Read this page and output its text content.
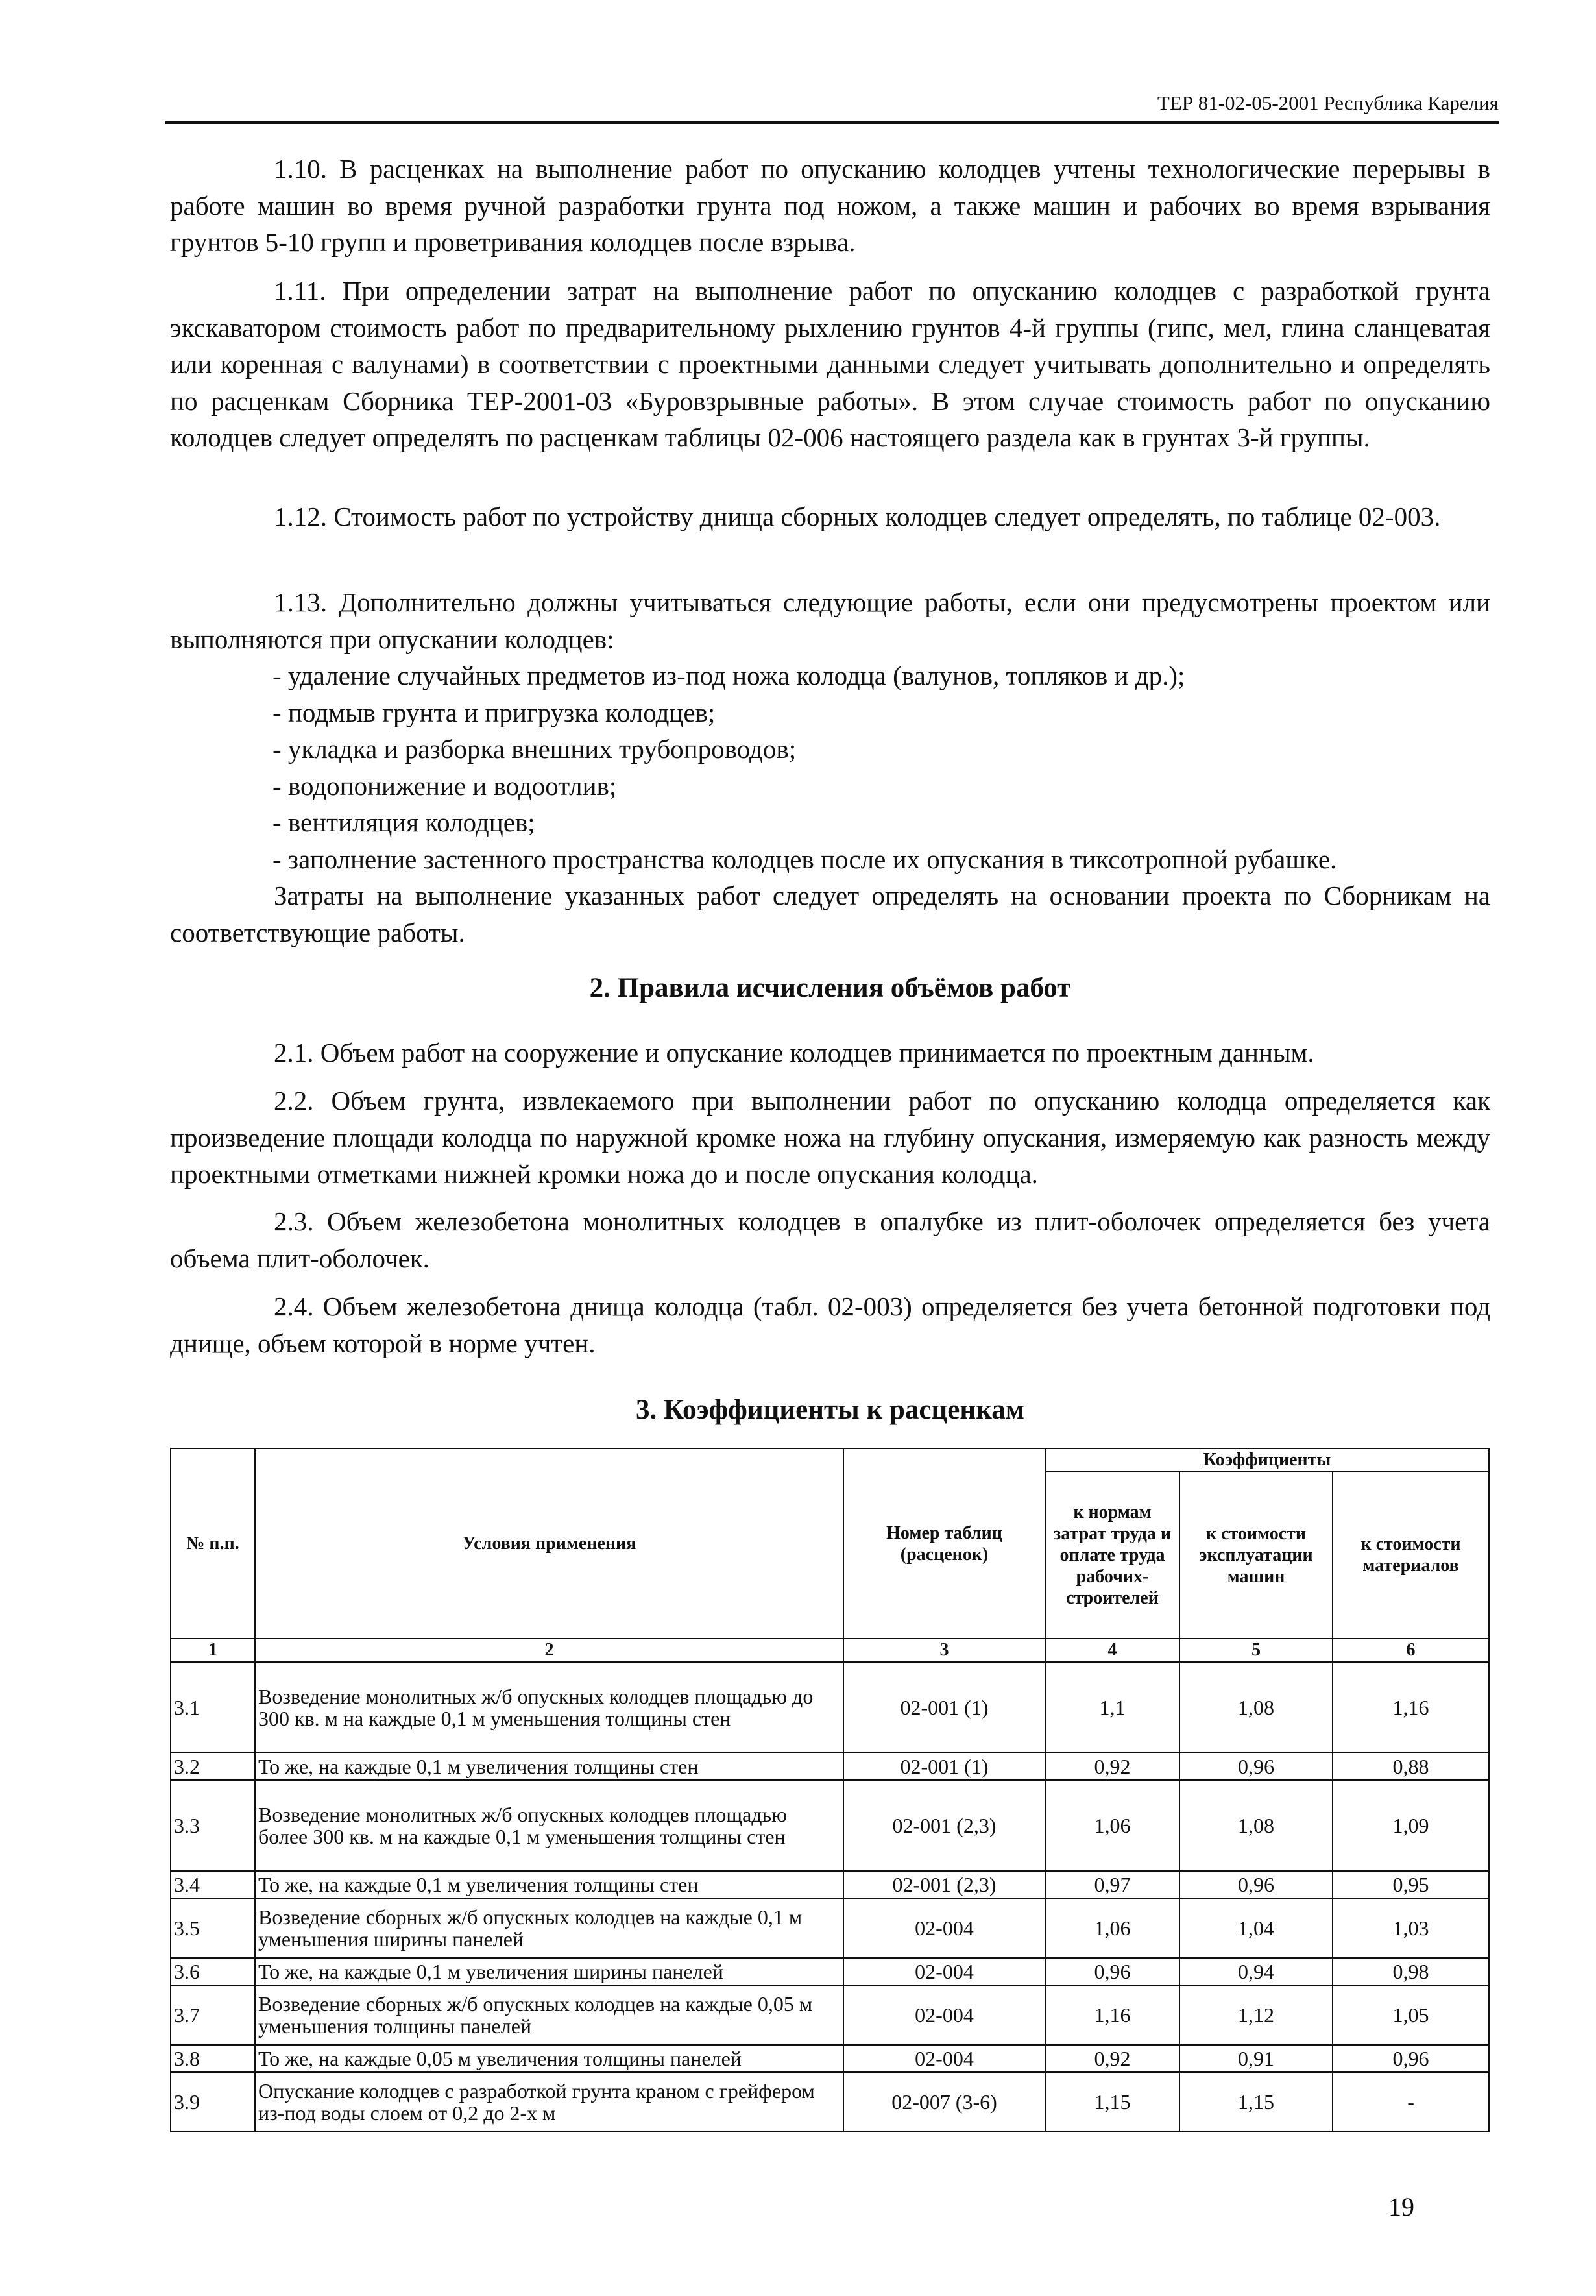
ТЕР 81-02-05-2001 Республика Карелия

1.10. В расценках на выполнение работ по опусканию колодцев учтены технологические перерывы в работе машин во время ручной разработки грунта под ножом, а также машин и рабочих во время взрывания грунтов 5-10 групп и проветривания колодцев после взрыва.

1.11. При определении затрат на выполнение работ по опусканию колодцев с разработкой грунта экскаватором стоимость работ по предварительному рыхлению грунтов 4-й группы (гипс, мел, глина сланцеватая или коренная с валунами) в соответствии с проектными данными следует учитывать дополнительно и определять по расценкам Сборника ТЕР-2001-03 «Буровзрывные работы». В этом случае стоимость работ по опусканию колодцев следует определять по расценкам таблицы 02-006 настоящего раздела как в грунтах 3-й группы.

1.12. Стоимость работ по устройству днища сборных колодцев следует определять, по таблице 02-003.

1.13. Дополнительно должны учитываться следующие работы, если они предусмотрены проектом или выполняются при опускании колодцев:

- удаление случайных предметов из-под ножа колодца (валунов, топляков и др.);
- подмыв грунта и пригрузка колодцев;
- укладка и разборка внешних трубопроводов;
- водопонижение и водоотлив;
- вентиляция колодцев;
- заполнение застенного пространства колодцев после их опускания в тиксотропной рубашке.

Затраты на выполнение указанных работ следует определять на основании проекта по Сборникам на соответствующие работы.

2. Правила исчисления объёмов работ

2.1. Объем работ на сооружение и опускание колодцев принимается по проектным данным.

2.2. Объем грунта, извлекаемого при выполнении работ по опусканию колодца определяется как произведение площади колодца по наружной кромке ножа на глубину опускания, измеряемую как разность между проектными отметками нижней кромки ножа до и после опускания колодца.

2.3. Объем железобетона монолитных колодцев в опалубке из плит-оболочек определяется без учета объема плит-оболочек.

2.4. Объем железобетона днища колодца (табл. 02-003) определяется без учета бетонной подготовки под днище, объем которой в норме учтен.

3. Коэффициенты к расценкам
№ п.п.	Условия применения	Номер таблиц (расценок)	Коэффициенты		
			к нормам затрат труда и оплате труда рабочих-строителей	к стоимости эксплуатации машин	к стоимости материалов
1	2	3	4	5	6
3.1	Возведение монолитных ж/б опускных колодцев площадью до 300 кв. м на каждые 0,1 м уменьшения толщины стен	02-001 (1)	1,1	1,08	1,16
3.2	То же, на каждые 0,1 м увеличения толщины стен	02-001 (1)	0,92	0,96	0,88
3.3	Возведение монолитных ж/б опускных колодцев площадью более 300 кв. м на каждые 0,1 м уменьшения толщины стен	02-001 (2,3)	1,06	1,08	1,09
3.4	То же, на каждые 0,1 м увеличения толщины стен	02-001 (2,3)	0,97	0,96	0,95
3.5	Возведение сборных ж/б опускных колодцев на каждые 0,1 м уменьшения ширины панелей	02-004	1,06	1,04	1,03
3.6	То же, на каждые 0,1 м увеличения ширины панелей	02-004	0,96	0,94	0,98
3.7	Возведение сборных ж/б опускных колодцев на каждые 0,05 м уменьшения толщины панелей	02-004	1,16	1,12	1,05
3.8	То же, на каждые 0,05 м увеличения толщины панелей	02-004	0,92	0,91	0,96
3.9	Опускание колодцев с разработкой грунта краном с грейфером из-под воды слоем от 0,2 до 2-х м	02-007 (3-6)	1,15	1,15	-
19
